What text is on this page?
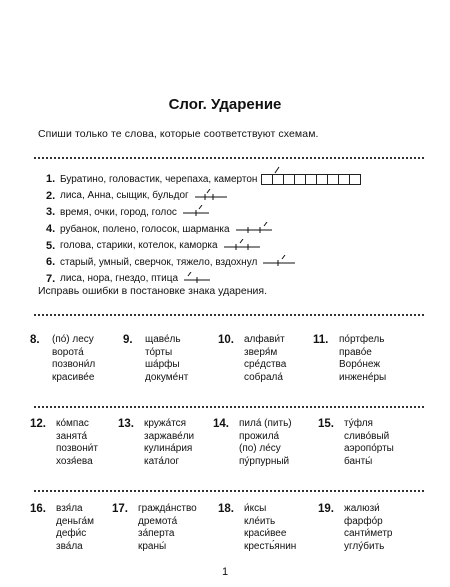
Слог. Ударение
Спиши только те слова, которые соответствуют схемам.
1. Буратино, головастик, черепаха, камертон
2. лиса, Анна, сыщик, бульдог
3. время, очки, город, голос
4. рубанок, полено, голосок, шарманка
5. голова, старики, котелок, каморка
6. старый, умный, сверчок, тяжело, вздохнул
7. лиса, нора, гнездо, птица
Исправь ошибки в постановке знака ударения.
8. (по́) лесу
ворота́
позвони́л
красиве́е
9. щаве́ль
то́рты
ша́рфы
докуме́нт
10. алфави́т
звеpя́м
сре́дства
собрала́
11. по́ртфель
право́е
Воро́неж
инжене́ры
12. ко́мпас
занята́
позвони́т
хозя́ева
13. кружа́тся
заржаве́ли
кулина́рия
ката́лог
14. пила́ (пить)
прожила́
(по) ле́су
пу́рпурный
15. ту́фля
сливо́вый
аэропо́рты
банты́
16. взя́ла
деньга́м
дефи́с
зва́ла
17. гражда́нство
дремота́
за́перта
краны́
18. и́ксы
кле́ить
краси́вее
кресть́янин
19. жалюзи́
фарфо́р
санти́метр
углу́бить
1
